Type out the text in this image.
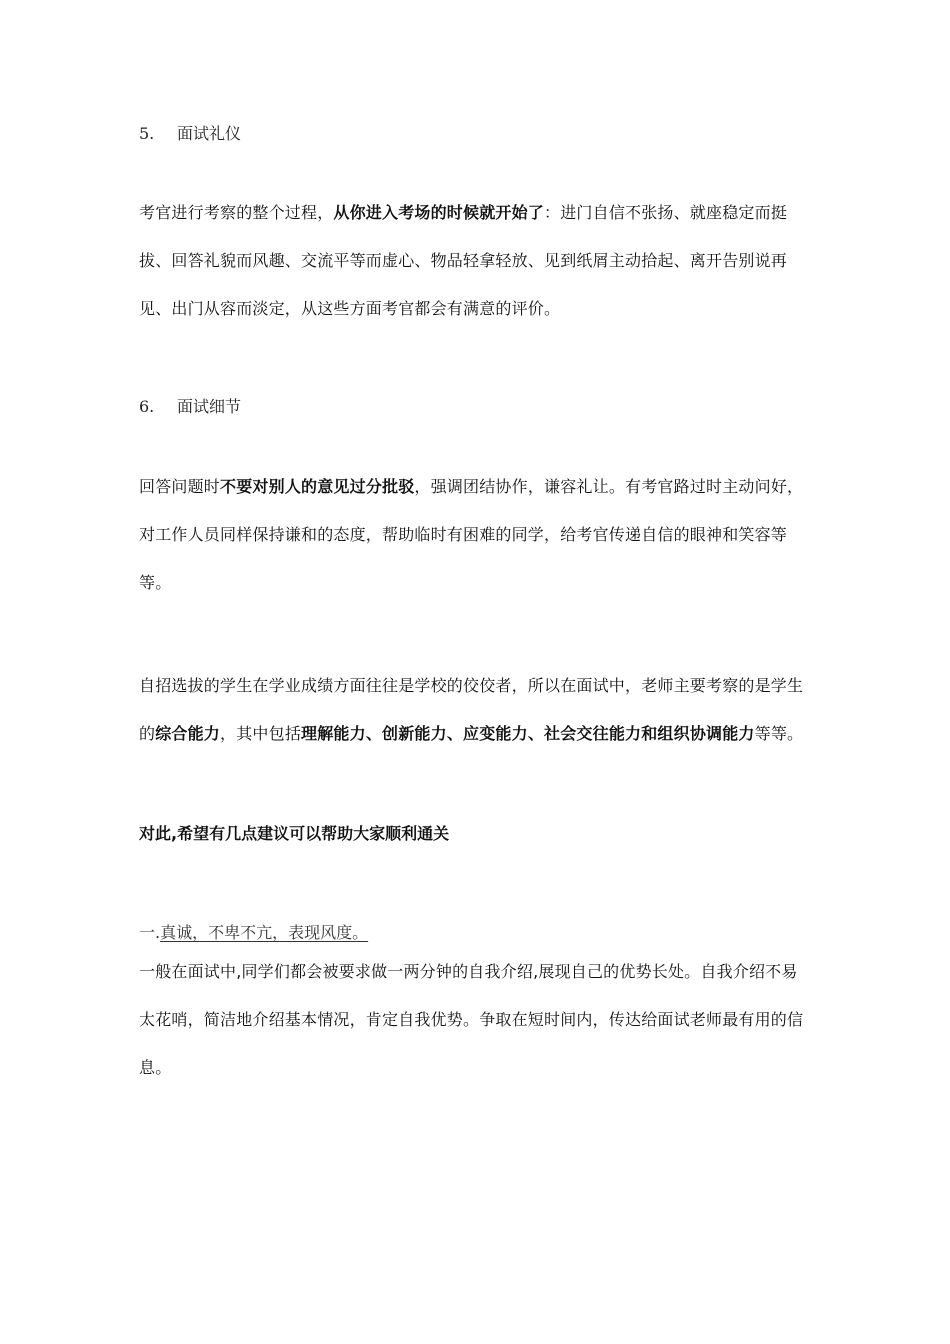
5. 面试礼仪
考官进行考察的整个过程，从你进入考场的时候就开始了：进门自信不张扬、就座稳定而挺拔、回答礼貌而风趣、交流平等而虚心、物品轻拿轻放、见到纸屑主动拾起、离开告别说再见、出门从容而淡定，从这些方面考官都会有满意的评价。
6. 面试细节
回答问题时不要对别人的意见过分批驳，强调团结协作，谦容礼让。有考官路过时主动问好，对工作人员同样保持谦和的态度，帮助临时有困难的同学，给考官传递自信的眼神和笑容等等。
自招选拔的学生在学业成绩方面往往是学校的佼佼者，所以在面试中，老师主要考察的是学生的综合能力，其中包括理解能力、创新能力、应变能力、社会交往能力和组织协调能力等等。
对此,希望有几点建议可以帮助大家顺利通关
一.真诚，不卑不亢，表现风度。
一般在面试中,同学们都会被要求做一两分钟的自我介绍,展现自己的优势长处。自我介绍不易太花哨，简洁地介绍基本情况，肯定自我优势。争取在短时间内，传达给面试老师最有用的信息。
